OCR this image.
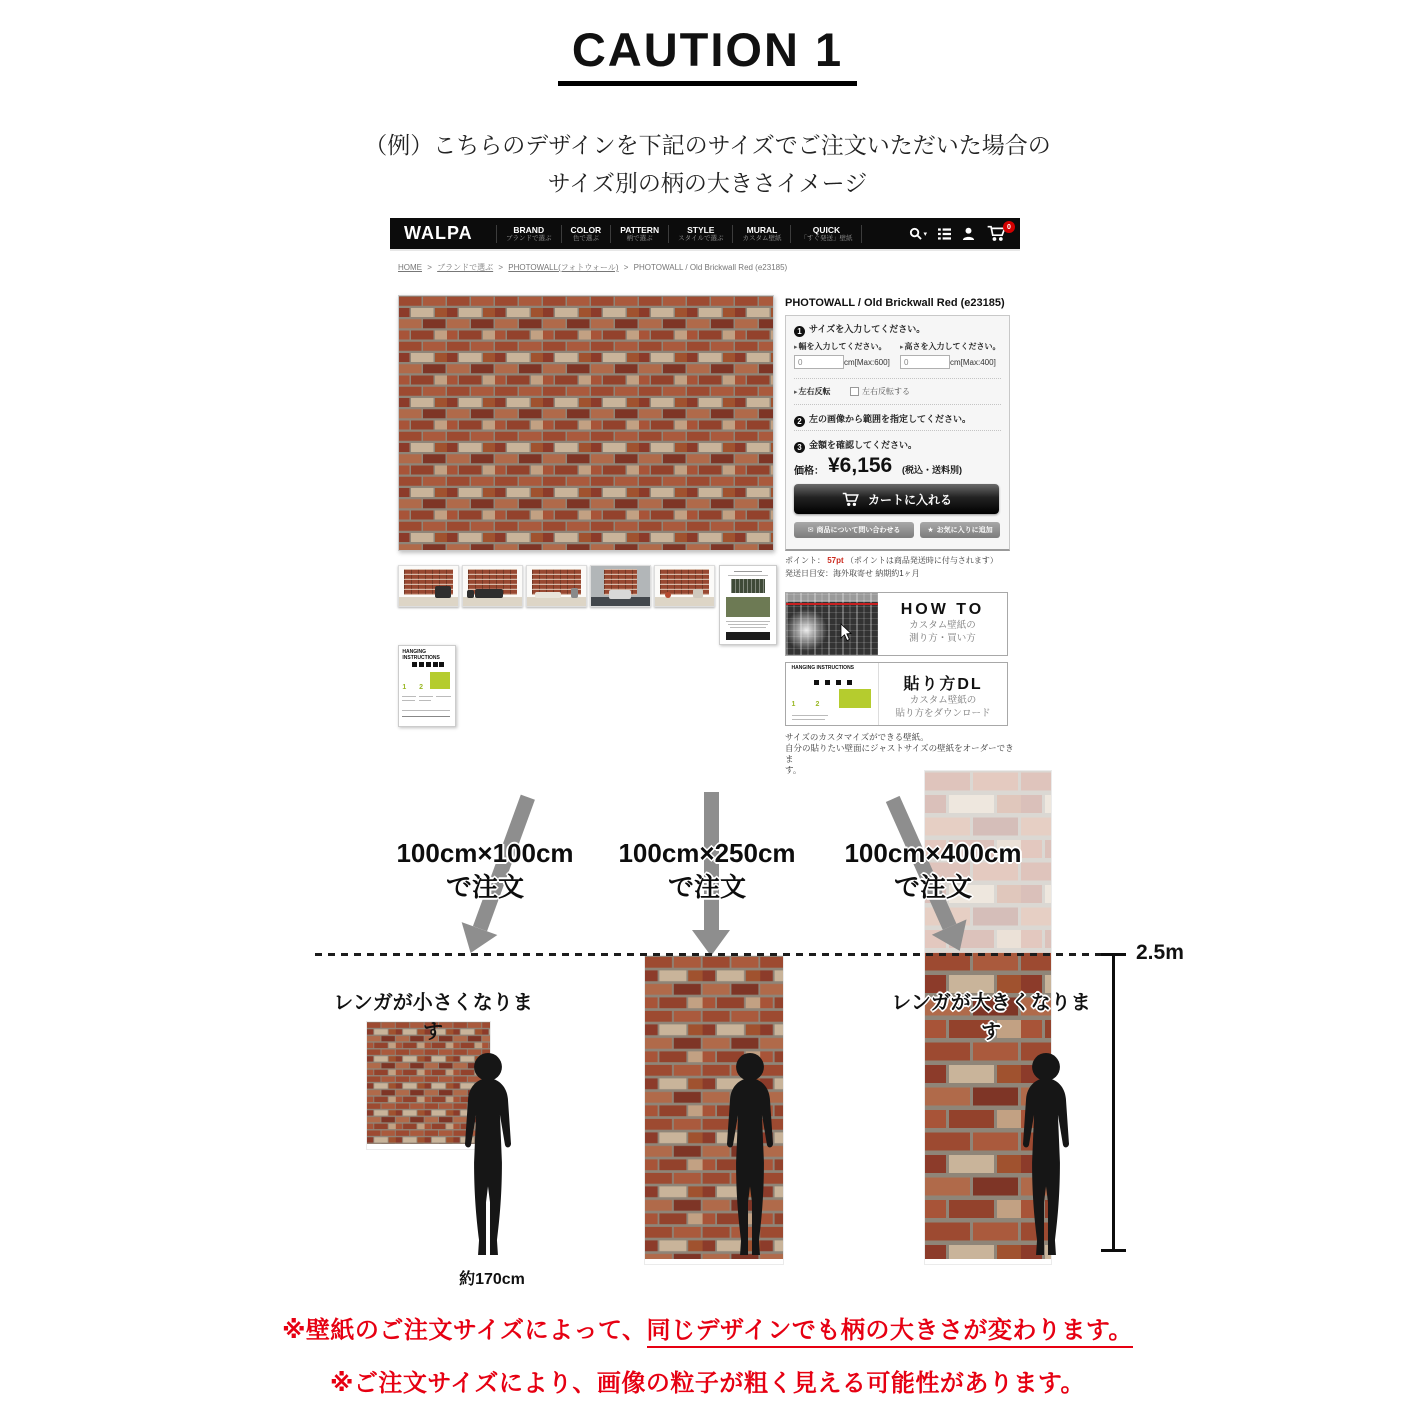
CAUTION 1
（例）こちらのデザインを下記のサイズでご注文いただいた場合の
サイズ別の柄の大きさイメージ
WALPA	BRAND
ブランドで選ぶ
COLOR
色で選ぶ
PATTERN
柄で選ぶ
STYLE
スタイルで選ぶ
MURAL
カスタム壁紙
QUICK
「すぐ発送」壁紙
▾
0
HOME > ブランドで選ぶ > PHOTOWALL(フォトウォール) > PHOTOWALL / Old Brickwall Red (e23185)
HANGING INSTRUCTIONS
1 2
PHOTOWALL / Old Brickwall Red (e23185)
1 サイズを入力してください。
▸幅を入力してください。 ▸高さを入力してください。
0
cm[Max:600]
0	cm[Max:400]
▸左右反転	左右反転する
2 左の画像から範囲を指定してください。
3 金額を確認してください。
価格： ¥6,156 (税込・送料別)
カートに入れる
✉ 商品について問い合わせる	★ お気に入りに追加
ポイント： 57pt （ポイントは商品発送時に付与されます）
発送日目安：海外取寄せ 納期約1ヶ月
HOW TO
カスタム壁紙の
測り方・買い方
HANGING INSTRUCTIONS
1	2
貼り方DL
カスタム壁紙の
貼り方をダウンロード
サイズのカスタマイズができる壁紙。
自分の貼りたい壁面にジャストサイズの壁紙をオーダーできま
す。
100cm×100cm
で注文
100cm×250cm
で注文
100cm×400cm
で注文
レンガが小さくなります
レンガが大きくなります
2.5m
約170cm
※壁紙のご注文サイズによって、同じデザインでも柄の大きさが変わります。
※ご注文サイズにより、画像の粒子が粗く見える可能性があります。
